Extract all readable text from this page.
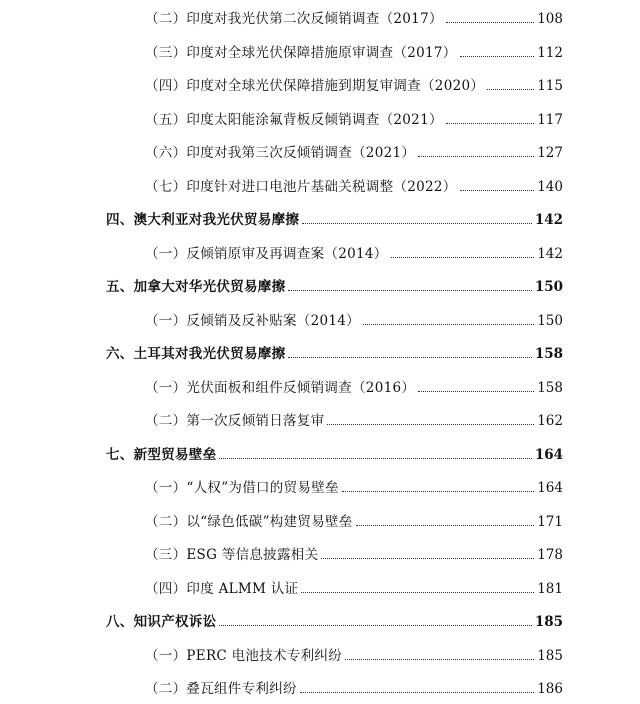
（二）印度对我光伏第二次反倾销调查（2017）	108
（三）印度对全球光伏保障措施原审调查（2017）	112
（四）印度对全球光伏保障措施到期复审调查（2020）	115
（五）印度太阳能涂氟背板反倾销调查（2021）	117
（六）印度对我第三次反倾销调查（2021）	127
（七）印度针对进口电池片基础关税调整（2022）	140
四、澳大利亚对我光伏贸易摩擦	142
（一）反倾销原审及再调查案（2014）	142
五、加拿大对华光伏贸易摩擦	150
（一）反倾销及反补贴案（2014）	150
六、土耳其对我光伏贸易摩擦	158
（一）光伏面板和组件反倾销调查（2016）	158
（二）第一次反倾销日落复审	162
七、新型贸易壁垒	164
（一）“人权”为借口的贸易壁垒	164
（二）以“绿色低碳”构建贸易壁垒	171
（三）ESG 等信息披露相关	178
（四）印度 ALMM 认证	181
八、知识产权诉讼	185
（一）PERC 电池技术专利纠纷	185
（二）叠瓦组件专利纠纷	186
